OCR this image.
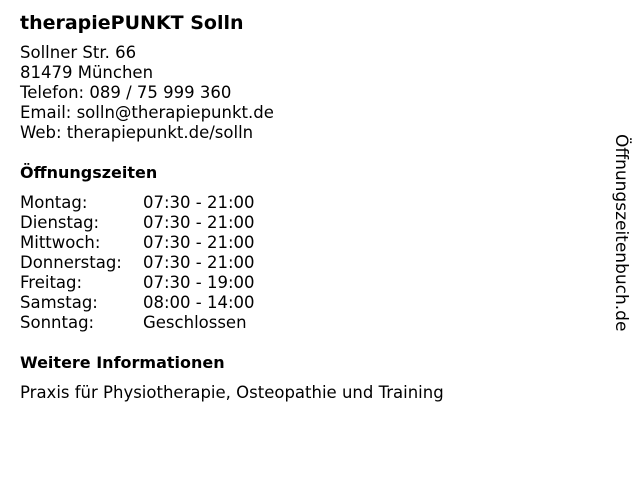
therapiePUNKT Solln
Sollner Str. 66
81479 München
Telefon: 089 / 75 999 360
Email: solln@therapiepunkt.de
Web: therapiepunkt.de/solln
Öffnungszeiten
Montag:	07:30 - 21:00
Dienstag:	07:30 - 21:00
Mittwoch:	07:30 - 21:00
Donnerstag:	07:30 - 21:00
Freitag:	07:30 - 19:00
Samstag:	08:00 - 14:00
Sonntag:	Geschlossen
Weitere Informationen
Praxis für Physiotherapie, Osteopathie und Training
Öffnungszeitenbuch.de
